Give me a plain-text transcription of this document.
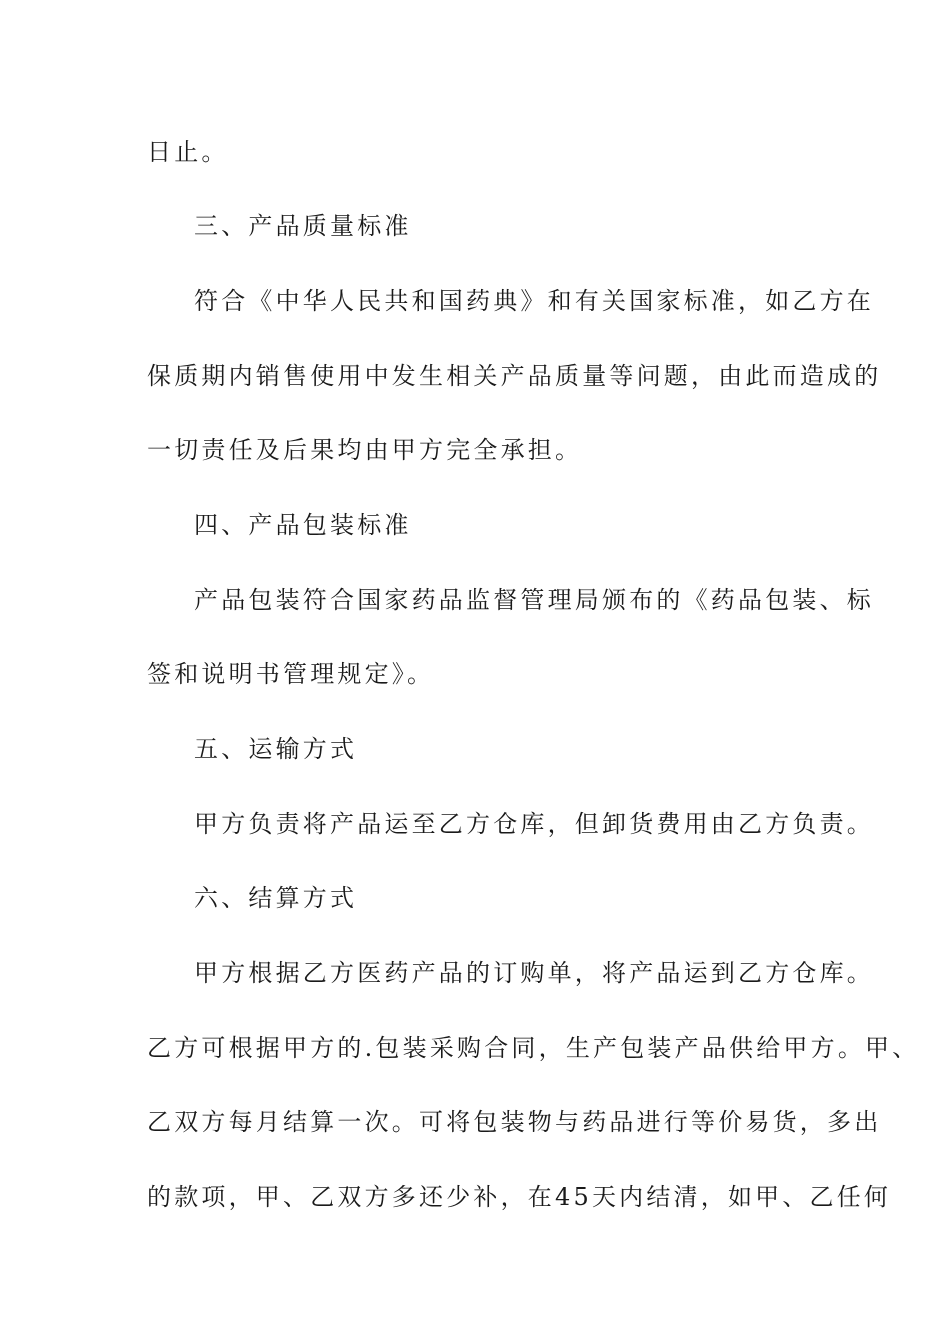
日止。
三、产品质量标准
符合《中华人民共和国药典》和有关国家标准，如乙方在
保质期内销售使用中发生相关产品质量等问题，由此而造成的
一切责任及后果均由甲方完全承担。
四、产品包装标准
产品包装符合国家药品监督管理局颁布的《药品包装、标
签和说明书管理规定》。
五、运输方式
甲方负责将产品运至乙方仓库，但卸货费用由乙方负责。
六、结算方式
甲方根据乙方医药产品的订购单，将产品运到乙方仓库。
乙方可根据甲方的.包装采购合同，生产包装产品供给甲方。甲、
乙双方每月结算一次。可将包装物与药品进行等价易货，多出
的款项，甲、乙双方多还少补，在45天内结清，如甲、乙任何
